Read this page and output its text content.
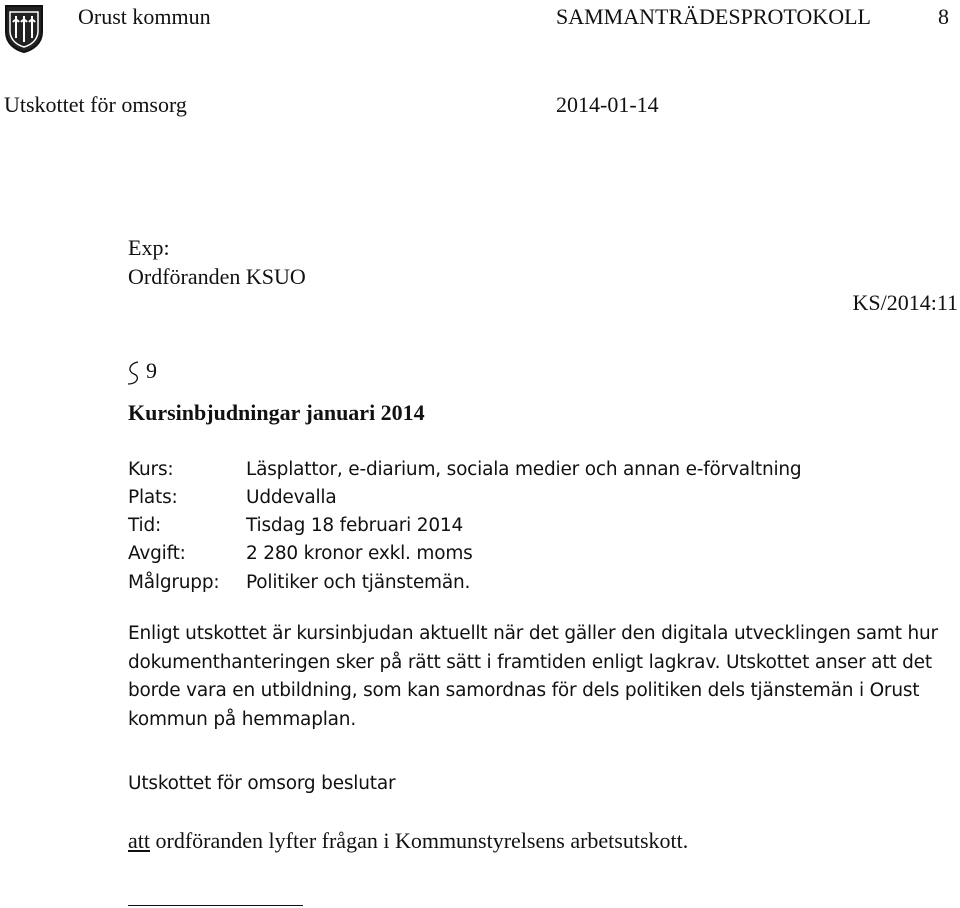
Orust kommun	SAMMANTRÄDESPROTOKOLL	8
Utskottet för omsorg	2014-01-14
Exp:
Ordföranden KSUO
KS/2014:11
9
Kursinbjudningar januari 2014
Kurs:	Läsplattor, e-diarium, sociala medier och annan e-förvaltning
Plats:	Uddevalla
Tid:	Tisdag 18 februari 2014
Avgift:	2 280 kronor exkl. moms
Målgrupp: Politiker och tjänstemän.
Enligt utskottet är kursinbjudan aktuellt när det gäller den digitala utvecklingen samt hur dokumenthanteringen sker på rätt sätt i framtiden enligt lagkrav. Utskottet anser att det borde vara en utbildning, som kan samordnas för dels politiken dels tjänstemän i Orust kommun på hemmaplan.
Utskottet för omsorg beslutar
att ordföranden lyfter frågan i Kommunstyrelsens arbetsutskott.
